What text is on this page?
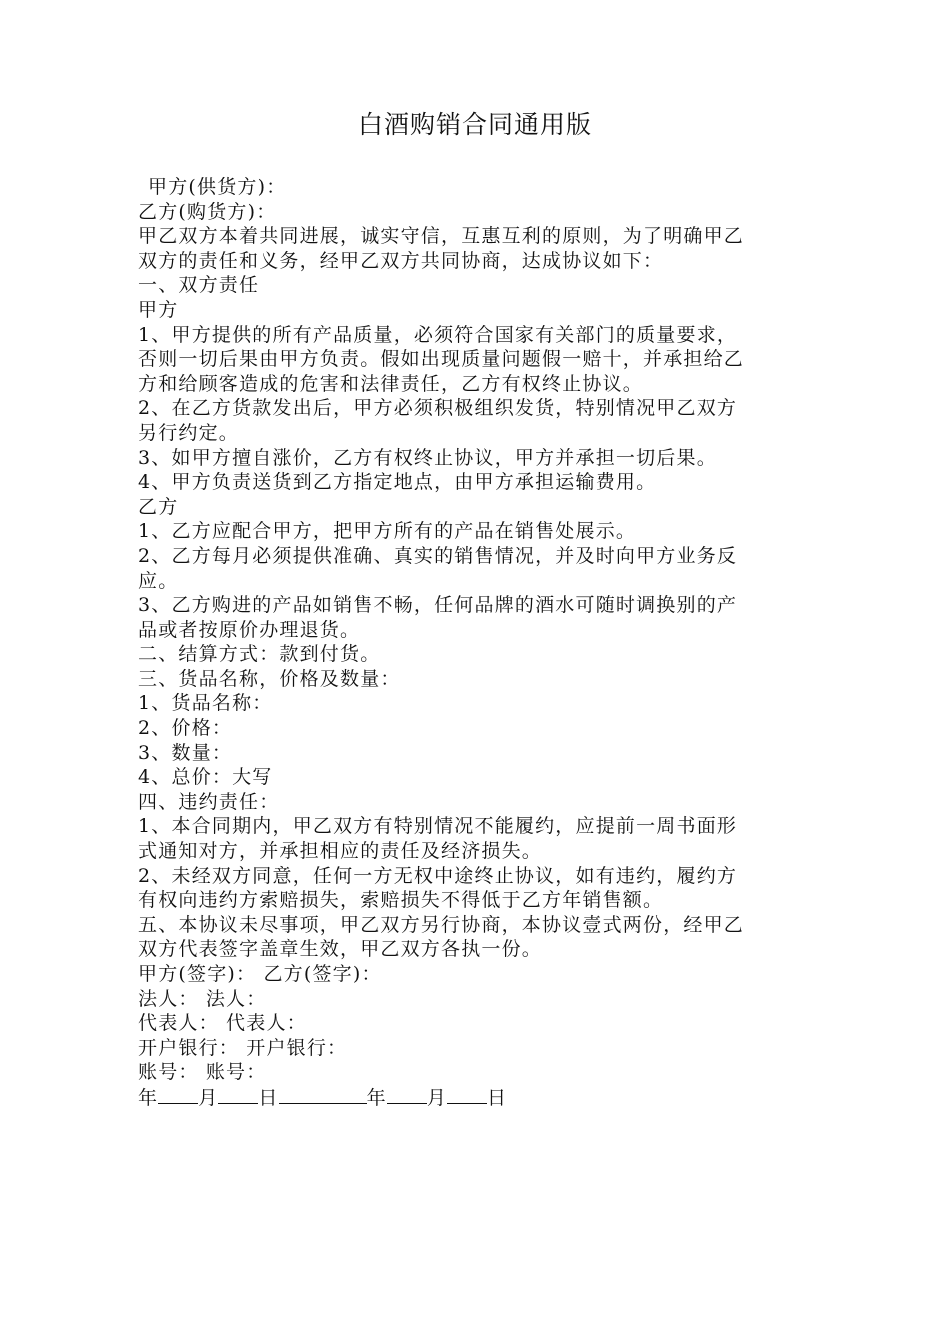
白酒购销合同通用版
甲方(供货方)：
乙方(购货方)：
甲乙双方本着共同进展，诚实守信，互惠互利的原则，为了明确甲乙
双方的责任和义务，经甲乙双方共同协商，达成协议如下：
一、双方责任
甲方
1、甲方提供的所有产品质量，必须符合国家有关部门的质量要求，
否则一切后果由甲方负责。假如出现质量问题假一赔十，并承担给乙
方和给顾客造成的危害和法律责任，乙方有权终止协议。
2、在乙方货款发出后，甲方必须积极组织发货，特别情况甲乙双方
另行约定。
3、如甲方擅自涨价，乙方有权终止协议，甲方并承担一切后果。
4、甲方负责送货到乙方指定地点，由甲方承担运输费用。
乙方
1、乙方应配合甲方，把甲方所有的产品在销售处展示。
2、乙方每月必须提供准确、真实的销售情况，并及时向甲方业务反
应。
3、乙方购进的产品如销售不畅，任何品牌的酒水可随时调换别的产
品或者按原价办理退货。
二、结算方式：款到付货。
三、货品名称，价格及数量：
1、货品名称：
2、价格：
3、数量：
4、总价：大写
四、违约责任：
1、本合同期内，甲乙双方有特别情况不能履约，应提前一周书面形
式通知对方，并承担相应的责任及经济损失。
2、未经双方同意，任何一方无权中途终止协议，如有违约，履约方
有权向违约方索赔损失，索赔损失不得低于乙方年销售额。
五、本协议未尽事项，甲乙双方另行协商，本协议壹式两份，经甲乙
双方代表签字盖章生效，甲乙双方各执一份。
甲方(签字)： 乙方(签字)：
法人： 法人：
代表人： 代表人：
开户银行： 开户银行：
账号： 账号：
年 月 日	年 月 日
